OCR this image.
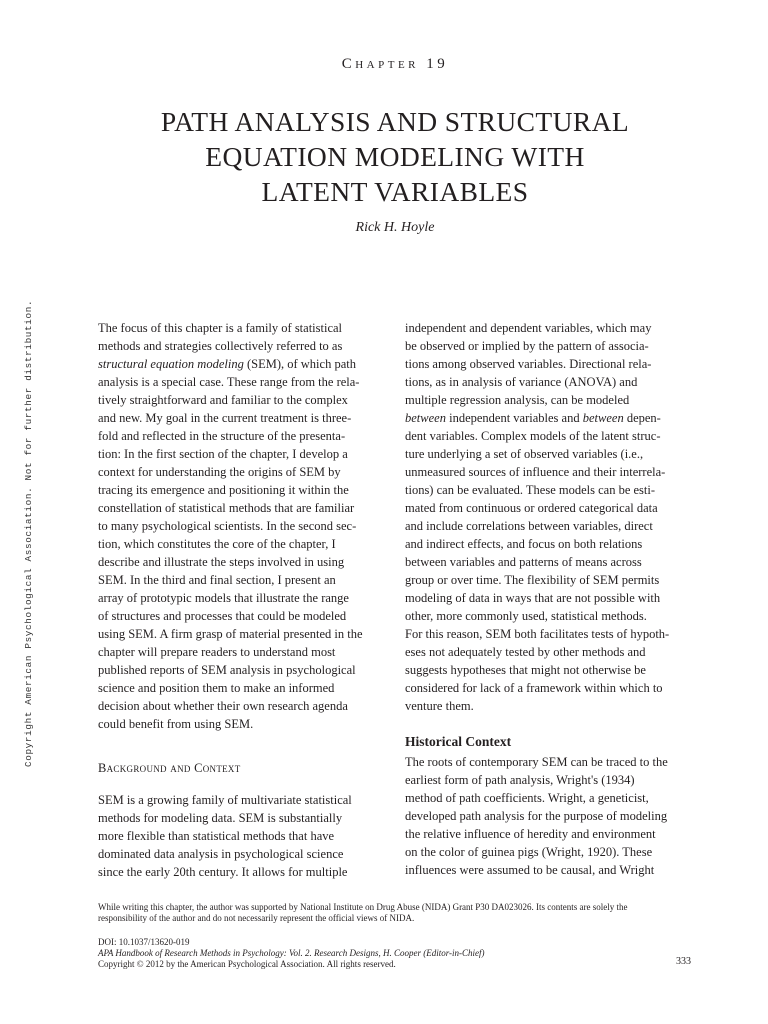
Copyright American Psychological Association. Not for further distribution.
Chapter 19
PATH ANALYSIS AND STRUCTURAL
EQUATION MODELING WITH
LATENT VARIABLES
Rick H. Hoyle
The focus of this chapter is a family of statistical
methods and strategies collectively referred to as
structural equation modeling (SEM), of which path
analysis is a special case. These range from the rela-
tively straightforward and familiar to the complex
and new. My goal in the current treatment is three-
fold and reflected in the structure of the presenta-
tion: In the first section of the chapter, I develop a
context for understanding the origins of SEM by
tracing its emergence and positioning it within the
constellation of statistical methods that are familiar
to many psychological scientists. In the second sec-
tion, which constitutes the core of the chapter, I
describe and illustrate the steps involved in using
SEM. In the third and final section, I present an
array of prototypic models that illustrate the range
of structures and processes that could be modeled
using SEM. A firm grasp of material presented in the
chapter will prepare readers to understand most
published reports of SEM analysis in psychological
science and position them to make an informed
decision about whether their own research agenda
could benefit from using SEM.
Background and Context
SEM is a growing family of multivariate statistical
methods for modeling data. SEM is substantially
more flexible than statistical methods that have
dominated data analysis in psychological science
since the early 20th century. It allows for multiple
independent and dependent variables, which may
be observed or implied by the pattern of associa-
tions among observed variables. Directional rela-
tions, as in analysis of variance (ANOVA) and
multiple regression analysis, can be modeled
between independent variables and between depen-
dent variables. Complex models of the latent struc-
ture underlying a set of observed variables (i.e.,
unmeasured sources of influence and their interrela-
tions) can be evaluated. These models can be esti-
mated from continuous or ordered categorical data
and include correlations between variables, direct
and indirect effects, and focus on both relations
between variables and patterns of means across
group or over time. The flexibility of SEM permits
modeling of data in ways that are not possible with
other, more commonly used, statistical methods.
For this reason, SEM both facilitates tests of hypoth-
eses not adequately tested by other methods and
suggests hypotheses that might not otherwise be
considered for lack of a framework within which to
venture them.
Historical Context
The roots of contemporary SEM can be traced to the
earliest form of path analysis, Wright's (1934)
method of path coefficients. Wright, a geneticist,
developed path analysis for the purpose of modeling
the relative influence of heredity and environment
on the color of guinea pigs (Wright, 1920). These
influences were assumed to be causal, and Wright
While writing this chapter, the author was supported by National Institute on Drug Abuse (NIDA) Grant P30 DA023026. Its contents are solely the
responsibility of the author and do not necessarily represent the official views of NIDA.
DOI: 10.1037/13620-019
APA Handbook of Research Methods in Psychology: Vol. 2. Research Designs, H. Cooper (Editor-in-Chief)
Copyright © 2012 by the American Psychological Association. All rights reserved.	333
